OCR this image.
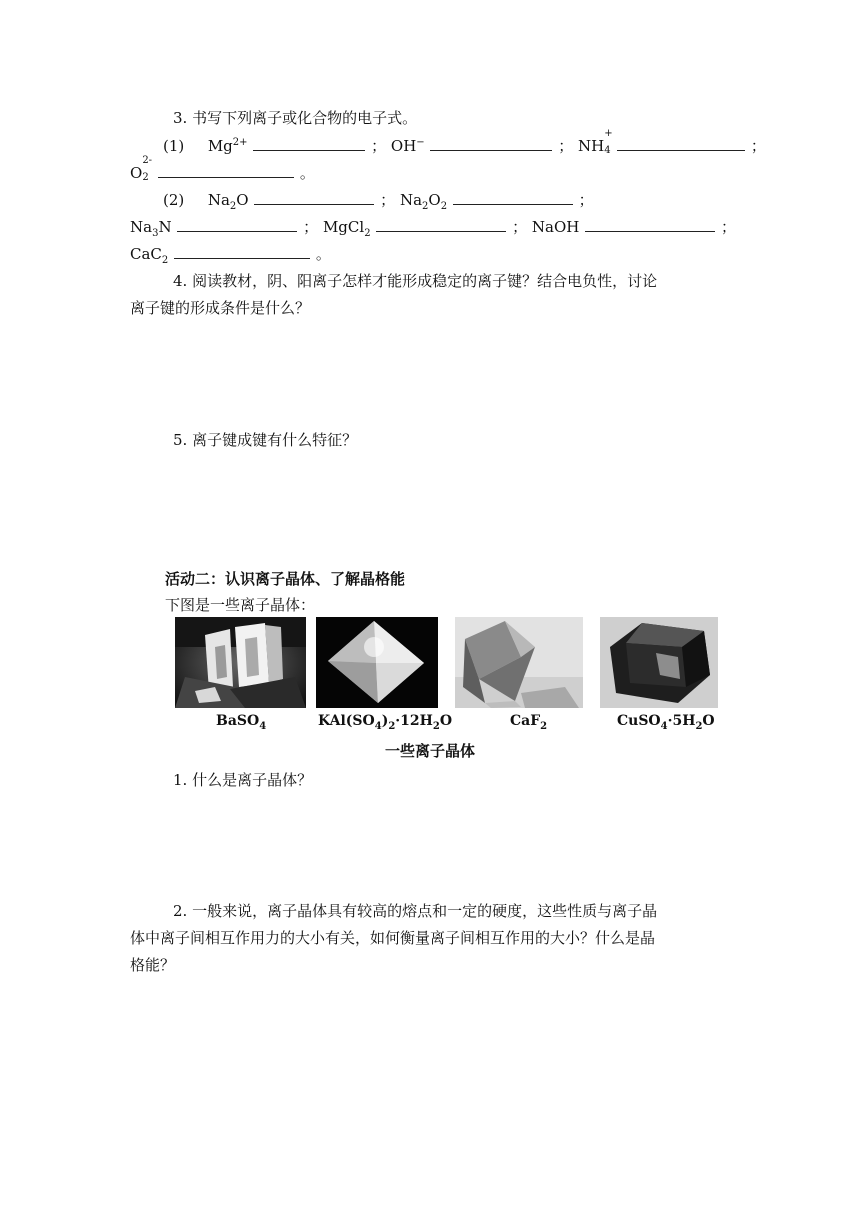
3. 书写下列离子或化合物的电子式。
(1) $Mg^{2+}$	； OH−	； NH
+
4	；
O
2-
2	。
(2) $Na_2O$	； $Na_2O_2$	；
$Na_3N$	； MgCl$_2$	； NaOH	；
CaC$_2$	。
4. 阅读教材，阴、阳离子怎样才能形成稳定的离子键？结合电负性，讨论
离子键的形成条件是什么？
5. 离子键成键有什么特征？
活动二：认识离子晶体、了解晶格能
下图是一些离子晶体：
BaSO$_4$	$KAl(SO_4)_2\cdot 12H_2O$	CaF$_2$	$CuSO_4\cdot 5H_2O$
一些离子晶体
1. 什么是离子晶体？
2. 一般来说，离子晶体具有较高的熔点和一定的硬度，这些性质与离子晶
体中离子间相互作用力的大小有关，如何衡量离子间相互作用的大小？什么是晶
格能？
